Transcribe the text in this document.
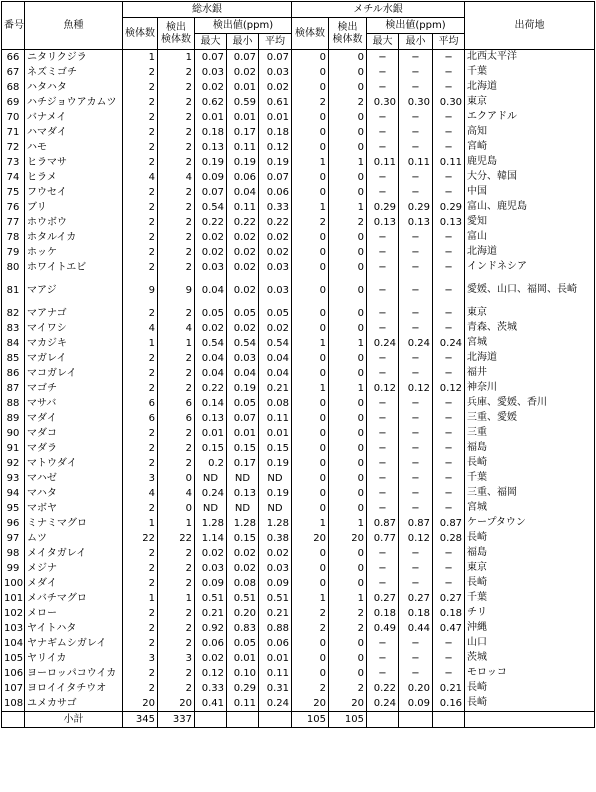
番号	魚種	総水銀					メチル水銀					出荷地
		検体数	検出
検体数	検出値(ppm)			検体数	検出
検体数	検出値(ppm)			
				最大	最小	平均			最大	最小	平均	
66	ニタリクジラ	1	1	0.07	0.07	0.07	0	0	−	−	−	北西太平洋
67	ネズミゴチ	2	2	0.03	0.02	0.03	0	0	−	−	−	千葉
68	ハタハタ	2	2	0.02	0.01	0.02	0	0	−	−	−	北海道
69	ハチジョウアカムツ	2	2	0.62	0.59	0.61	2	2	0.30	0.30	0.30	東京
70	バナメイ	2	2	0.01	0.01	0.01	0	0	−	−	−	エクアドル
71	ハマダイ	2	2	0.18	0.17	0.18	0	0	−	−	−	高知
72	ハモ	2	2	0.13	0.11	0.12	0	0	−	−	−	宮崎
73	ヒラマサ	2	2	0.19	0.19	0.19	1	1	0.11	0.11	0.11	鹿児島
74	ヒラメ	4	4	0.09	0.06	0.07	0	0	−	−	−	大分、韓国
75	フウセイ	2	2	0.07	0.04	0.06	0	0	−	−	−	中国
76	ブリ	2	2	0.54	0.11	0.33	1	1	0.29	0.29	0.29	富山、鹿児島
77	ホウボウ	2	2	0.22	0.22	0.22	2	2	0.13	0.13	0.13	愛知
78	ホタルイカ	2	2	0.02	0.02	0.02	0	0	−	−	−	富山
79	ホッケ	2	2	0.02	0.02	0.02	0	0	−	−	−	北海道
80	ホワイトエビ	2	2	0.03	0.02	0.03	0	0	−	−	−	インドネシア
81	マアジ	9	9	0.04	0.02	0.03	0	0	−	−	−	愛媛、山口、福岡、長崎
82	マアナゴ	2	2	0.05	0.05	0.05	0	0	−	−	−	東京
83	マイワシ	4	4	0.02	0.02	0.02	0	0	−	−	−	青森、茨城
84	マカジキ	1	1	0.54	0.54	0.54	1	1	0.24	0.24	0.24	宮城
85	マガレイ	2	2	0.04	0.03	0.04	0	0	−	−	−	北海道
86	マコガレイ	2	2	0.04	0.04	0.04	0	0	−	−	−	福井
87	マゴチ	2	2	0.22	0.19	0.21	1	1	0.12	0.12	0.12	神奈川
88	マサバ	6	6	0.14	0.05	0.08	0	0	−	−	−	兵庫、愛媛、香川
89	マダイ	6	6	0.13	0.07	0.11	0	0	−	−	−	三重、愛媛
90	マダコ	2	2	0.01	0.01	0.01	0	0	−	−	−	三重
91	マダラ	2	2	0.15	0.15	0.15	0	0	−	−	−	福島
92	マトウダイ	2	2	0.2	0.17	0.19	0	0	−	−	−	長崎
93	マハゼ	3	0	ND	ND	ND	0	0	−	−	−	千葉
94	マハタ	4	4	0.24	0.13	0.19	0	0	−	−	−	三重、福岡
95	マボヤ	2	0	ND	ND	ND	0	0	−	−	−	宮城
96	ミナミマグロ	1	1	1.28	1.28	1.28	1	1	0.87	0.87	0.87	ケープタウン
97	ムツ	22	22	1.14	0.15	0.38	20	20	0.77	0.12	0.28	長崎
98	メイタガレイ	2	2	0.02	0.02	0.02	0	0	−	−	−	福島
99	メジナ	2	2	0.03	0.02	0.03	0	0	−	−	−	東京
100	メダイ	2	2	0.09	0.08	0.09	0	0	−	−	−	長崎
101	メバチマグロ	1	1	0.51	0.51	0.51	1	1	0.27	0.27	0.27	千葉
102	メロー	2	2	0.21	0.20	0.21	2	2	0.18	0.18	0.18	チリ
103	ヤイトハタ	2	2	0.92	0.83	0.88	2	2	0.49	0.44	0.47	沖縄
104	ヤナギムシガレイ	2	2	0.06	0.05	0.06	0	0	−	−	−	山口
105	ヤリイカ	3	3	0.02	0.01	0.01	0	0	−	−	−	茨城
106	ヨーロッパコウイカ	2	2	0.12	0.10	0.11	0	0	−	−	−	モロッコ
107	ヨロイイタチウオ	2	2	0.33	0.29	0.31	2	2	0.22	0.20	0.21	長崎
108	ユメカサゴ	20	20	0.41	0.11	0.24	20	20	0.24	0.09	0.16	長崎
	小計	345	337				105	105				
